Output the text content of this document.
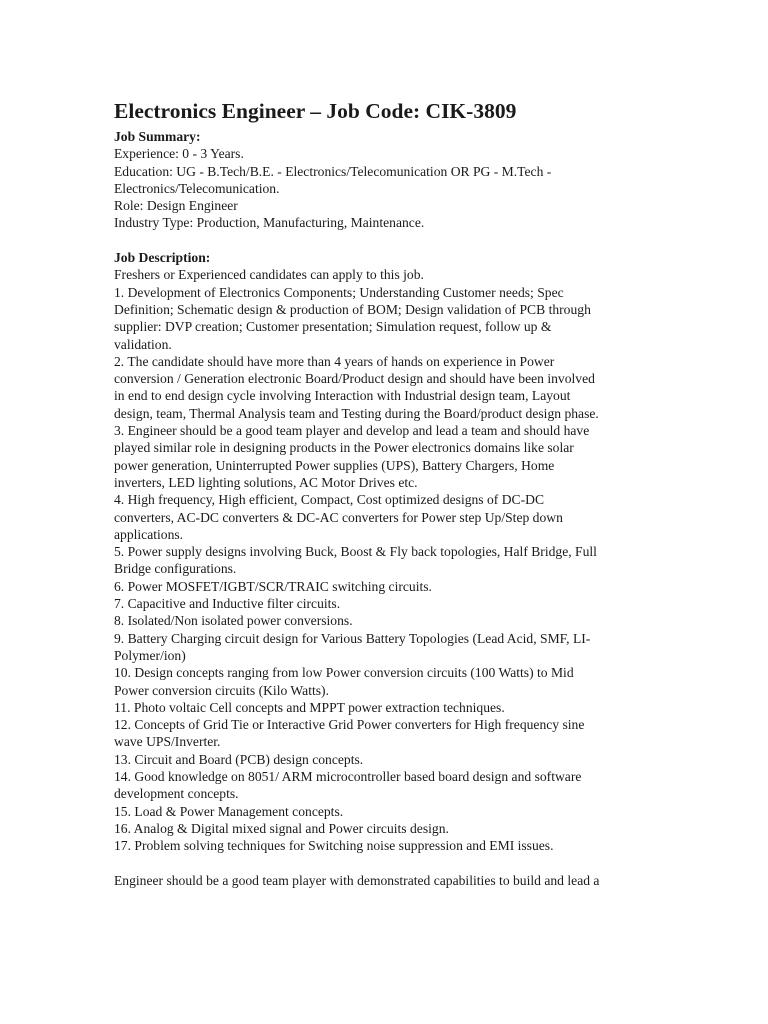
Electronics Engineer – Job Code: CIK-3809
Job Summary:
Experience: 0 - 3 Years.
Education: UG - B.Tech/B.E. - Electronics/Telecomunication OR PG - M.Tech -
Electronics/Telecomunication.
Role: Design Engineer
Industry Type: Production, Manufacturing, Maintenance.
Job Description:
Freshers or Experienced candidates can apply to this job.
1. Development of Electronics Components; Understanding Customer needs; Spec
Definition; Schematic design & production of BOM; Design validation of PCB through
supplier: DVP creation; Customer presentation; Simulation request, follow up &
validation.
2. The candidate should have more than 4 years of hands on experience in Power
conversion / Generation electronic Board/Product design and should have been involved
in end to end design cycle involving Interaction with Industrial design team, Layout
design, team, Thermal Analysis team and Testing during the Board/product design phase.
3. Engineer should be a good team player and develop and lead a team and should have
played similar role in designing products in the Power electronics domains like solar
power generation, Uninterrupted Power supplies (UPS), Battery Chargers, Home
inverters, LED lighting solutions, AC Motor Drives etc.
4. High frequency, High efficient, Compact, Cost optimized designs of DC-DC
converters, AC-DC converters & DC-AC converters for Power step Up/Step down
applications.
5. Power supply designs involving Buck, Boost & Fly back topologies, Half Bridge, Full
Bridge configurations.
6. Power MOSFET/IGBT/SCR/TRAIC switching circuits.
7. Capacitive and Inductive filter circuits.
8. Isolated/Non isolated power conversions.
9. Battery Charging circuit design for Various Battery Topologies (Lead Acid, SMF, LI-
Polymer/ion)
10. Design concepts ranging from low Power conversion circuits (100 Watts) to Mid
Power conversion circuits (Kilo Watts).
11. Photo voltaic Cell concepts and MPPT power extraction techniques.
12. Concepts of Grid Tie or Interactive Grid Power converters for High frequency sine
wave UPS/Inverter.
13. Circuit and Board (PCB) design concepts.
14. Good knowledge on 8051/ ARM microcontroller based board design and software
development concepts.
15. Load & Power Management concepts.
16. Analog & Digital mixed signal and Power circuits design.
17. Problem solving techniques for Switching noise suppression and EMI issues.
Engineer should be a good team player with demonstrated capabilities to build and lead a
